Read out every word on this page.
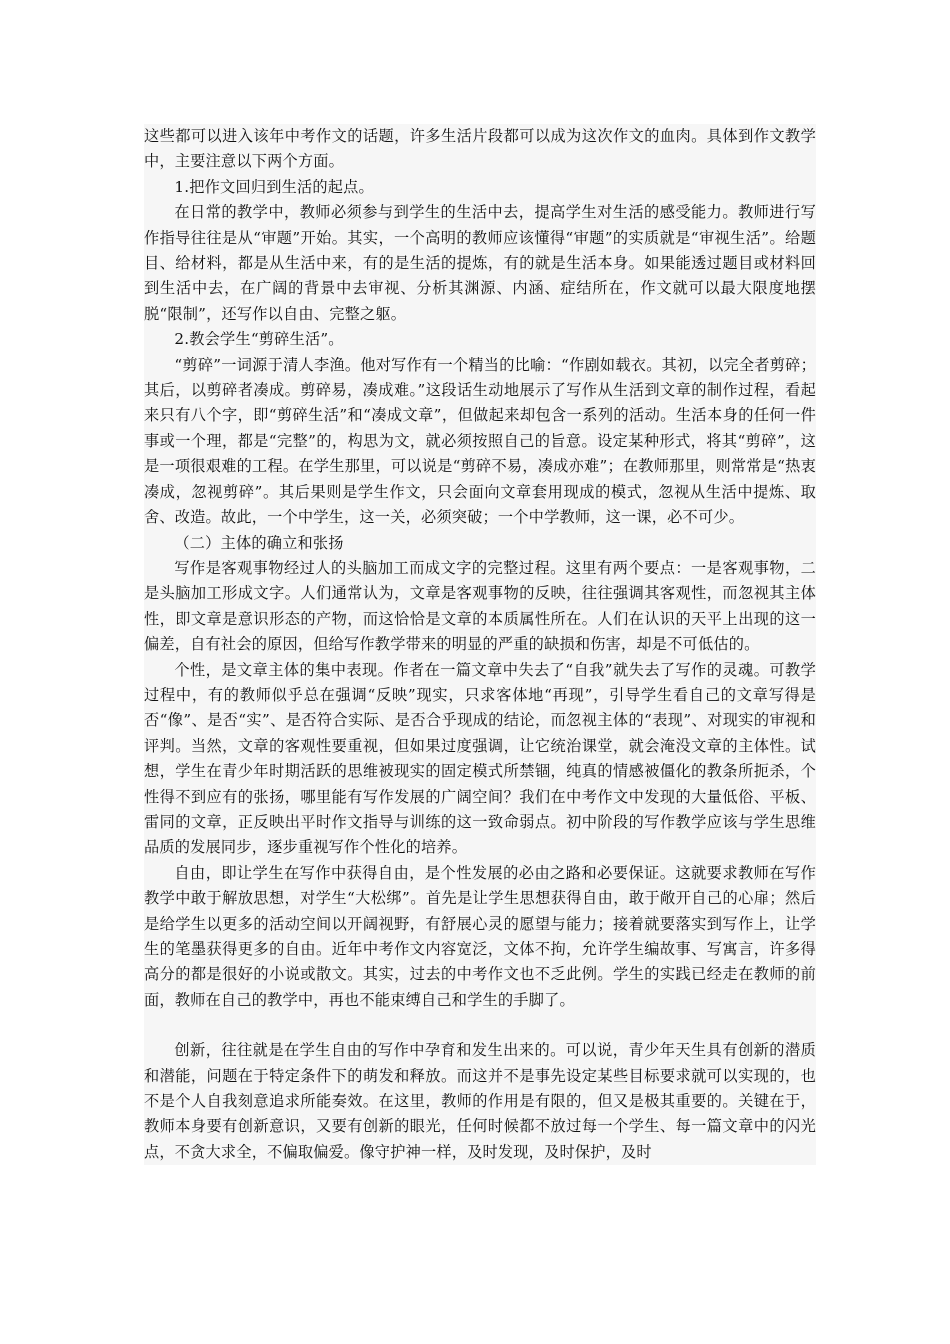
这些都可以进入该年中考作文的话题，许多生活片段都可以成为这次作文的血肉。具体到作文教学中，主要注意以下两个方面。

1.把作文回归到生活的起点。

在日常的教学中，教师必须参与到学生的生活中去，提高学生对生活的感受能力。教师进行写作指导往往是从“审题”开始。其实，一个高明的教师应该懂得“审题”的实质就是“审视生活”。给题目、给材料，都是从生活中来，有的是生活的提炼，有的就是生活本身。如果能透过题目或材料回到生活中去，在广阔的背景中去审视、分析其渊源、内涵、症结所在，作文就可以最大限度地摆脱“限制”，还写作以自由、完整之躯。

2.教会学生“剪碎生活”。

“剪碎”一词源于清人李渔。他对写作有一个精当的比喻：“作剧如载衣。其初，以完全者剪碎；其后，以剪碎者凑成。剪碎易，凑成难。”这段话生动地展示了写作从生活到文章的制作过程，看起来只有八个字，即“剪碎生活”和“凑成文章”，但做起来却包含一系列的活动。生活本身的任何一件事或一个理，都是“完整”的，构思为文，就必须按照自己的旨意。设定某种形式，将其“剪碎”，这是一项很艰难的工程。在学生那里，可以说是“剪碎不易，凑成亦难”；在教师那里，则常常是“热衷凑成，忽视剪碎”。其后果则是学生作文，只会面向文章套用现成的模式，忽视从生活中提炼、取舍、改造。故此，一个中学生，这一关，必须突破；一个中学教师，这一课，必不可少。

（二）主体的确立和张扬

写作是客观事物经过人的头脑加工而成文字的完整过程。这里有两个要点：一是客观事物，二是头脑加工形成文字。人们通常认为，文章是客观事物的反映，往往强调其客观性，而忽视其主体性，即文章是意识形态的产物，而这恰恰是文章的本质属性所在。人们在认识的天平上出现的这一偏差，自有社会的原因，但给写作教学带来的明显的严重的缺损和伤害，却是不可低估的。

个性，是文章主体的集中表现。作者在一篇文章中失去了“自我”就失去了写作的灵魂。可教学过程中，有的教师似乎总在强调“反映”现实，只求客体地“再现”，引导学生看自己的文章写得是否“像”、是否“实”、是否符合实际、是否合乎现成的结论，而忽视主体的“表现”、对现实的审视和评判。当然，文章的客观性要重视，但如果过度强调，让它统治课堂，就会淹没文章的主体性。试想，学生在青少年时期活跃的思维被现实的固定模式所禁锢，纯真的情感被僵化的教条所扼杀，个性得不到应有的张扬，哪里能有写作发展的广阔空间？我们在中考作文中发现的大量低俗、平板、雷同的文章，正反映出平时作文指导与训练的这一致命弱点。初中阶段的写作教学应该与学生思维品质的发展同步，逐步重视写作个性化的培养。

自由，即让学生在写作中获得自由，是个性发展的必由之路和必要保证。这就要求教师在写作教学中敢于解放思想，对学生“大松绑”。首先是让学生思想获得自由，敢于敞开自己的心扉；然后是给学生以更多的活动空间以开阔视野，有舒展心灵的愿望与能力；接着就要落实到写作上，让学生的笔墨获得更多的自由。近年中考作文内容宽泛，文体不拘，允许学生编故事、写寓言，许多得高分的都是很好的小说或散文。其实，过去的中考作文也不乏此例。学生的实践已经走在教师的前面，教师在自己的教学中，再也不能束缚自己和学生的手脚了。

创新，往往就是在学生自由的写作中孕育和发生出来的。可以说，青少年天生具有创新的潜质和潜能，问题在于特定条件下的萌发和释放。而这并不是事先设定某些目标要求就可以实现的，也不是个人自我刻意追求所能奏效。在这里，教师的作用是有限的，但又是极其重要的。关键在于，教师本身要有创新意识，又要有创新的眼光，任何时候都不放过每一个学生、每一篇文章中的闪光点，不贪大求全，不偏取偏爱。像守护神一样，及时发现，及时保护，及时
